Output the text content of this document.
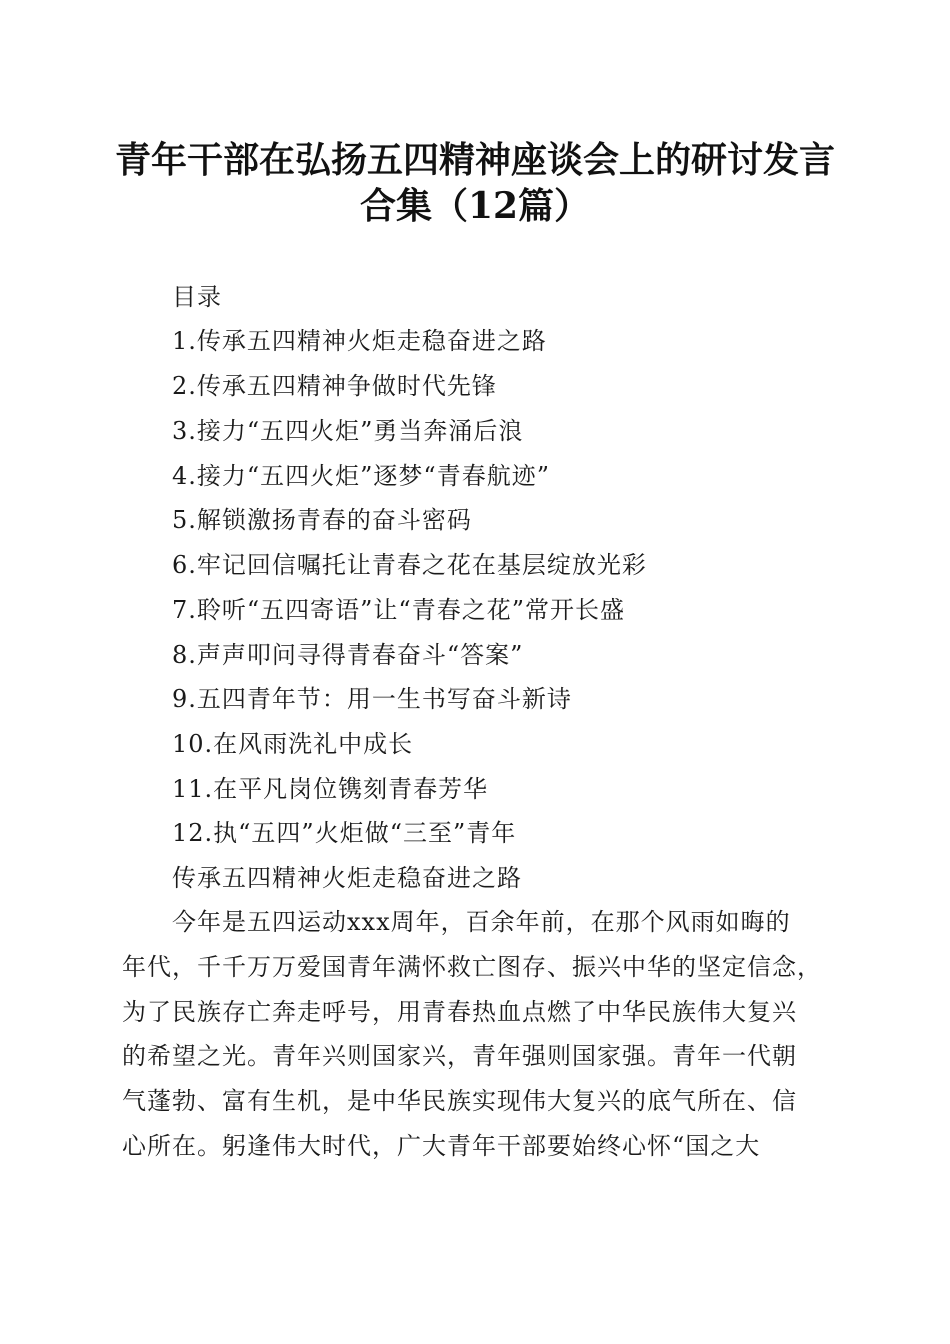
青年干部在弘扬五四精神座谈会上的研讨发言
合集（12篇）
目录
1.传承五四精神火炬走稳奋进之路
2.传承五四精神争做时代先锋
3.接力“五四火炬”勇当奔涌后浪
4.接力“五四火炬”逐梦“青春航迹”
5.解锁激扬青春的奋斗密码
6.牢记回信嘱托让青春之花在基层绽放光彩
7.聆听“五四寄语”让“青春之花”常开长盛
8.声声叩问寻得青春奋斗“答案”
9.五四青年节：用一生书写奋斗新诗
10.在风雨洗礼中成长
11.在平凡岗位镌刻青春芳华
12.执“五四”火炬做“三至”青年
传承五四精神火炬走稳奋进之路
　　今年是五四运动xxx周年，百余年前，在那个风雨如晦的
年代，千千万万爱国青年满怀救亡图存、振兴中华的坚定信念，
为了民族存亡奔走呼号，用青春热血点燃了中华民族伟大复兴
的希望之光。青年兴则国家兴，青年强则国家强。青年一代朝
气蓬勃、富有生机，是中华民族实现伟大复兴的底气所在、信
心所在。躬逢伟大时代，广大青年干部要始终心怀“国之大
